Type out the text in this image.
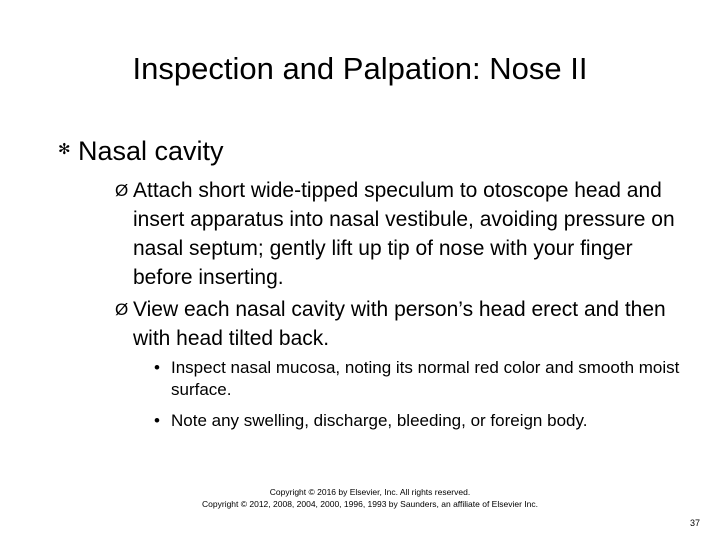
Inspection and Palpation: Nose II
✻ Nasal cavity
Ø Attach short wide-tipped speculum to otoscope head and insert apparatus into nasal vestibule, avoiding pressure on nasal septum; gently lift up tip of nose with your finger before inserting.
Ø View each nasal cavity with person’s head erect and then with head tilted back.
• Inspect nasal mucosa, noting its normal red color and smooth moist surface.
• Note any swelling, discharge, bleeding, or foreign body.
Copyright © 2016 by Elsevier, Inc. All rights reserved.
Copyright © 2012, 2008, 2004, 2000, 1996, 1993 by Saunders, an affiliate of Elsevier Inc.
37
